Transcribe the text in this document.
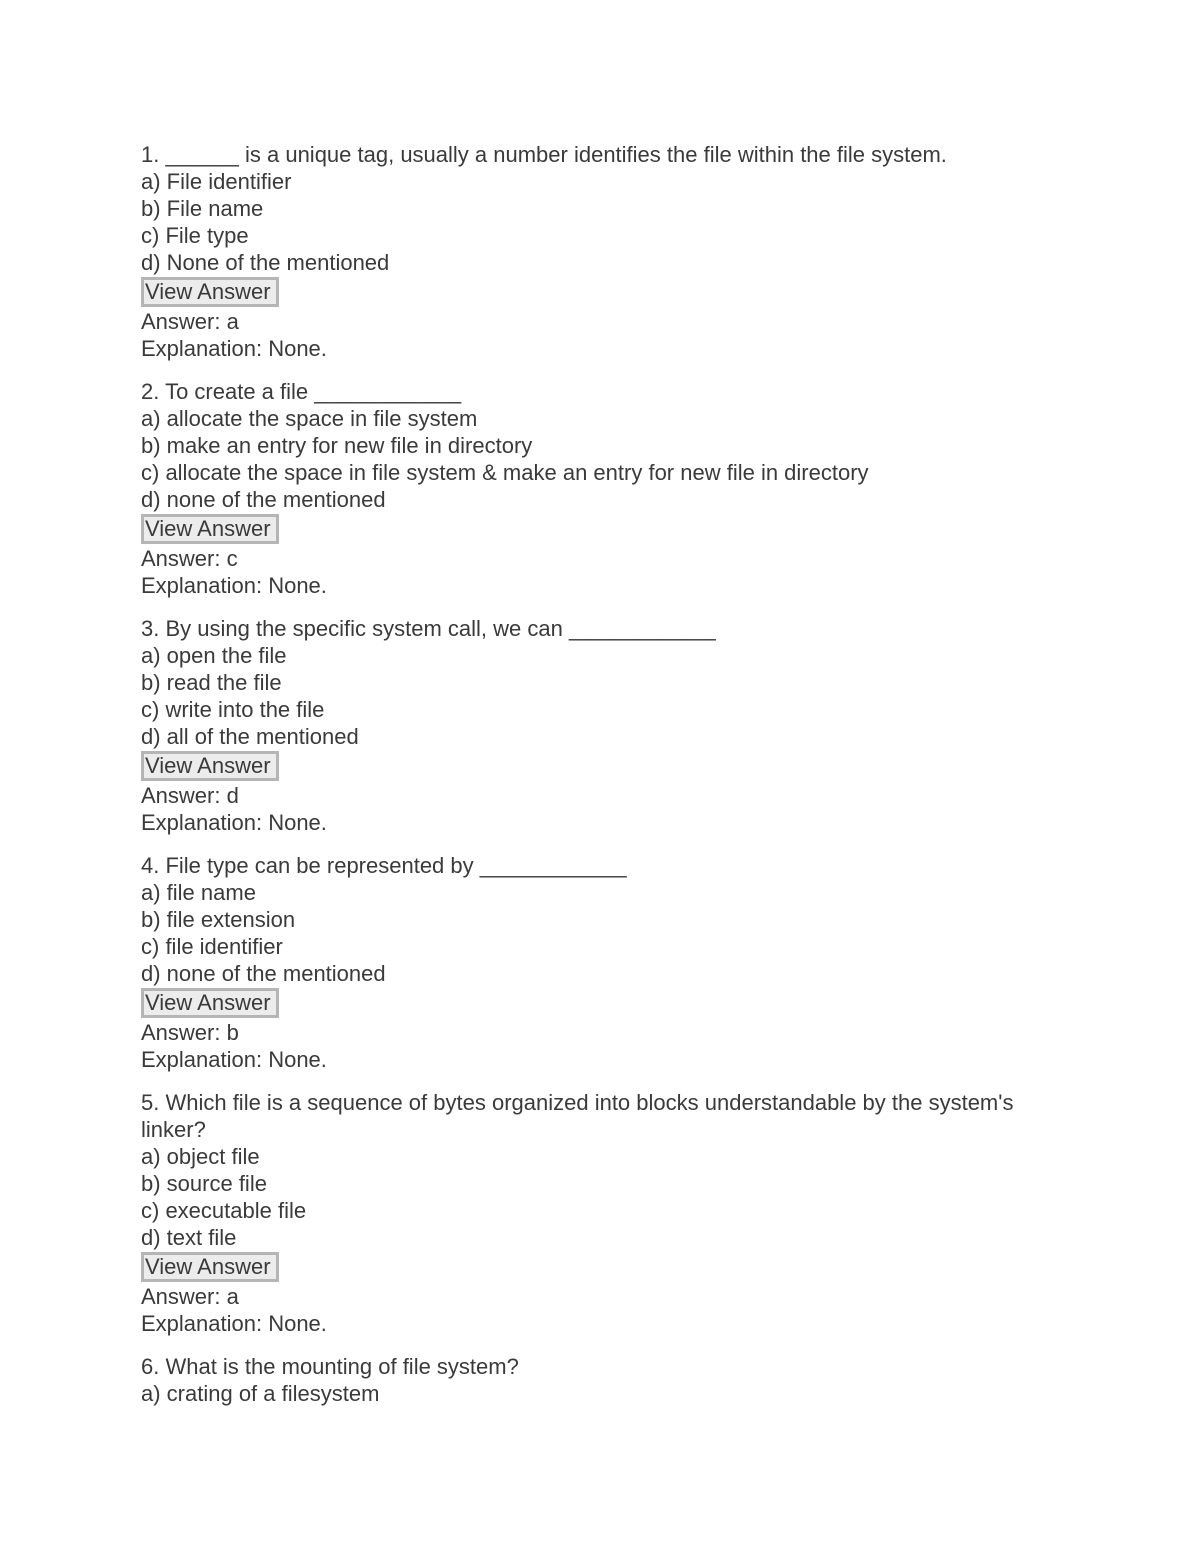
1. ______ is a unique tag, usually a number identifies the file within the file system.
a) File identifier
b) File name
c) File type
d) None of the mentioned
View Answer
Answer: a
Explanation: None.
2. To create a file ____________
a) allocate the space in file system
b) make an entry for new file in directory
c) allocate the space in file system & make an entry for new file in directory
d) none of the mentioned
View Answer
Answer: c
Explanation: None.
3. By using the specific system call, we can ____________
a) open the file
b) read the file
c) write into the file
d) all of the mentioned
View Answer
Answer: d
Explanation: None.
4. File type can be represented by ____________
a) file name
b) file extension
c) file identifier
d) none of the mentioned
View Answer
Answer: b
Explanation: None.
5. Which file is a sequence of bytes organized into blocks understandable by the system's linker?
a) object file
b) source file
c) executable file
d) text file
View Answer
Answer: a
Explanation: None.
6. What is the mounting of file system?
a) crating of a filesystem
